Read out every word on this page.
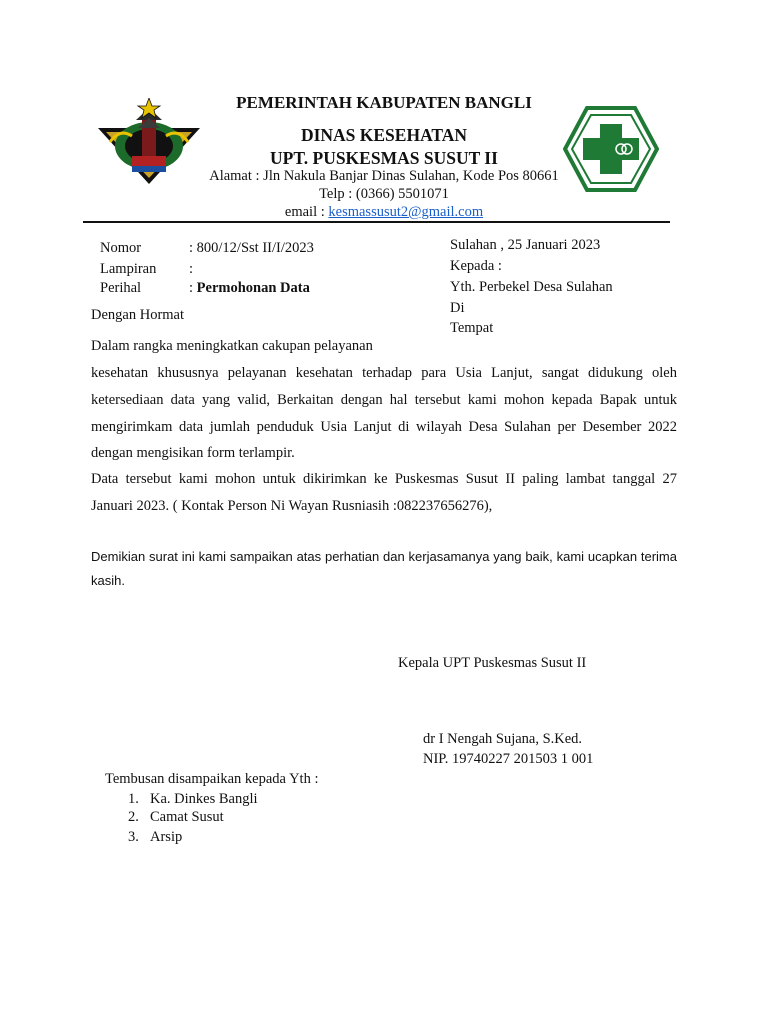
PEMERINTAH KABUPATEN BANGLI
DINAS KESEHATAN
UPT. PUSKESMAS SUSUT II
Alamat : Jln Nakula Banjar Dinas Sulahan, Kode Pos 80661
Telp : (0366) 5501071
email : kesmassusut2@gmail.com
Nomor	: 800/12/Sst II/I/2023
Lampiran :
Perihal	: Permohonan Data
Sulahan , 25 Januari 2023
Kepada :
Yth. Perbekel Desa Sulahan
Di
Tempat
Dengan Hormat
Dalam rangka meningkatkan cakupan pelayanan
kesehatan khususnya pelayanan kesehatan terhadap para Usia Lanjut, sangat didukung oleh
ketersediaan data yang valid, Berkaitan dengan hal tersebut kami mohon kepada Bapak untuk
mengirimkam data jumlah penduduk Usia Lanjut di wilayah Desa Sulahan per Desember 2022
dengan mengisikan form terlampir.
Data tersebut kami mohon untuk dikirimkan ke Puskesmas Susut II paling lambat tanggal 27
Januari 2023. ( Kontak Person Ni Wayan Rusniasih :082237656276),
Demikian surat ini kami sampaikan atas perhatian dan kerjasamanya yang baik, kami ucapkan terima
kasih.
Kepala UPT Puskesmas Susut II
dr I Nengah Sujana, S.Ked.
NIP. 19740227 201503 1 001
Tembusan disampaikan kepada Yth :
1. Ka. Dinkes Bangli
2. Camat Susut
3. Arsip
